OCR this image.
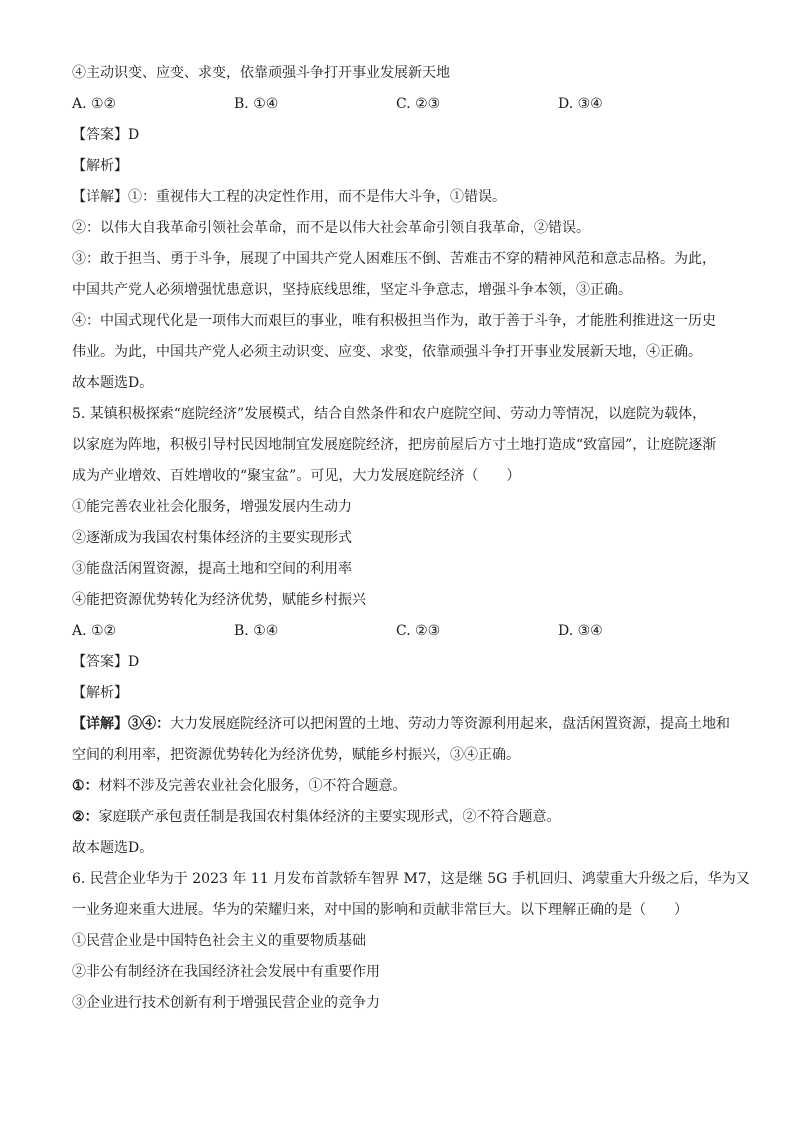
④主动识变、应变、求变，依靠顽强斗争打开事业发展新天地

A. ①②	B. ①④	C. ②③	D. ③④

【答案】D

【解析】

【详解】①：重视伟大工程的决定性作用，而不是伟大斗争，①错误。

②：以伟大自我革命引领社会革命，而不是以伟大社会革命引领自我革命，②错误。

③：敢于担当、勇于斗争，展现了中国共产党人困难压不倒、苦难击不穿的精神风范和意志品格。为此，

中国共产党人必须增强忧患意识，坚持底线思维，坚定斗争意志，增强斗争本领，③正确。

④：中国式现代化是一项伟大而艰巨的事业，唯有积极担当作为，敢于善于斗争，才能胜利推进这一历史

伟业。为此，中国共产党人必须主动识变、应变、求变，依靠顽强斗争打开事业发展新天地，④正确。

故本题选D。

5. 某镇积极探索“庭院经济”发展模式，结合自然条件和农户庭院空间、劳动力等情况，以庭院为载体，

以家庭为阵地，积极引导村民因地制宜发展庭院经济，把房前屋后方寸土地打造成“致富园”，让庭院逐渐

成为产业增效、百姓增收的“聚宝盆”。可见，大力发展庭院经济（　　）

①能完善农业社会化服务，增强发展内生动力

②逐渐成为我国农村集体经济的主要实现形式

③能盘活闲置资源，提高土地和空间的利用率

④能把资源优势转化为经济优势，赋能乡村振兴

A. ①②	B. ①④	C. ②③	D. ③④

【答案】D

【解析】

【详解】③④：大力发展庭院经济可以把闲置的土地、劳动力等资源利用起来，盘活闲置资源，提高土地和

空间的利用率，把资源优势转化为经济优势，赋能乡村振兴，③④正确。

①：材料不涉及完善农业社会化服务，①不符合题意。

②：家庭联产承包责任制是我国农村集体经济的主要实现形式，②不符合题意。

故本题选D。

6. 民营企业华为于 2023 年 11 月发布首款轿车智界 M7，这是继 5G 手机回归、鸿蒙重大升级之后，华为又

一业务迎来重大进展。华为的荣耀归来，对中国的影响和贡献非常巨大。以下理解正确的是（　　）

①民营企业是中国特色社会主义的重要物质基础

②非公有制经济在我国经济社会发展中有重要作用

③企业进行技术创新有利于增强民营企业的竞争力
